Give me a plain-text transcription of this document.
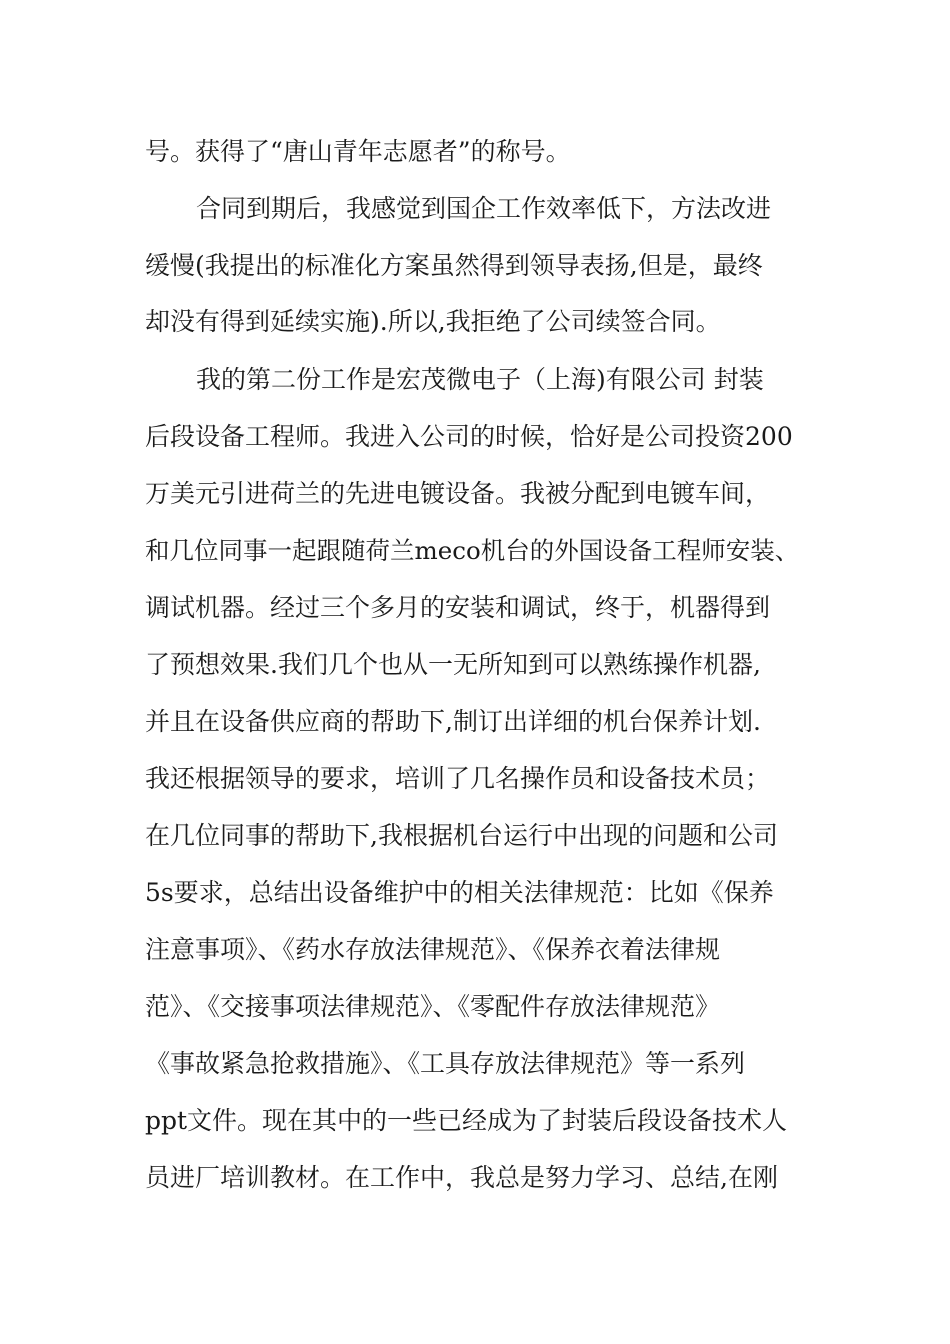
号。获得了“唐山青年志愿者”的称号。
合同到期后，我感觉到国企工作效率低下，方法改进
缓慢(我提出的标准化方案虽然得到领导表扬,但是，最终
却没有得到延续实施).所以,我拒绝了公司续签合同。
我的第二份工作是宏茂微电子（上海)有限公司 封装
后段设备工程师。我进入公司的时候，恰好是公司投资200
万美元引进荷兰的先进电镀设备。我被分配到电镀车间，
和几位同事一起跟随荷兰meco机台的外国设备工程师安装、
调试机器。经过三个多月的安装和调试，终于，机器得到
了预想效果.我们几个也从一无所知到可以熟练操作机器,
并且在设备供应商的帮助下,制订出详细的机台保养计划.
我还根据领导的要求，培训了几名操作员和设备技术员；
在几位同事的帮助下,我根据机台运行中出现的问题和公司
5s要求，总结出设备维护中的相关法律规范：比如《保养
注意事项》、《药水存放法律规范》、《保养衣着法律规
范》、《交接事项法律规范》、《零配件存放法律规范》
《事故紧急抢救措施》、《工具存放法律规范》等一系列
ppt文件。现在其中的一些已经成为了封装后段设备技术人
员进厂培训教材。在工作中，我总是努力学习、总结,在刚
